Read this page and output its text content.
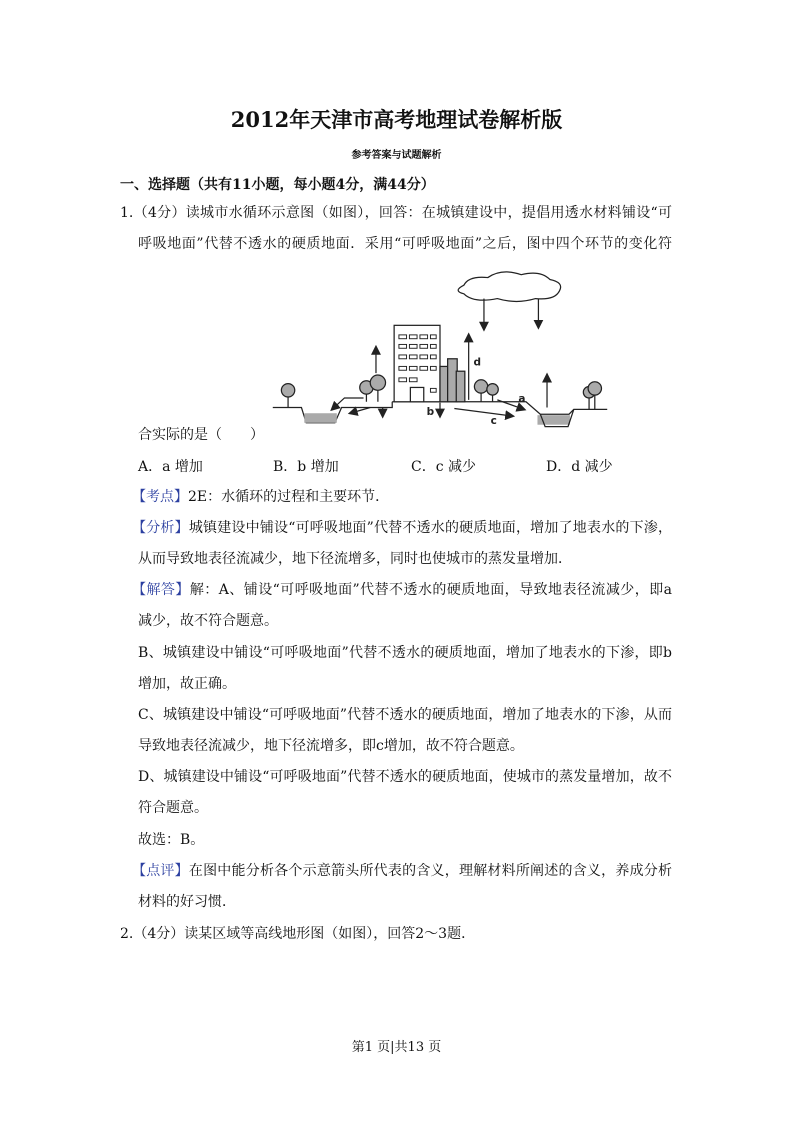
2012年天津市高考地理试卷解析版
参考答案与试题解析
一、选择题（共有11小题，每小题4分，满44分）
1.（4分）读城市水循环示意图（如图），回答：在城镇建设中，提倡用透水材料铺设“可
呼吸地面”代替不透水的硬质地面．采用“可呼吸地面”之后，图中四个环节的变化符
a
b
c
d
合实际的是（　　）
A．a 增加	B．b 增加	C．c 减少	D．d 减少
【考点】2E：水循环的过程和主要环节．
【分析】城镇建设中铺设“可呼吸地面”代替不透水的硬质地面，增加了地表水的下渗，
从而导致地表径流减少，地下径流增多，同时也使城市的蒸发量增加．
【解答】解：A、铺设“可呼吸地面”代替不透水的硬质地面，导致地表径流减少，即a
减少，故不符合题意。
B、城镇建设中铺设“可呼吸地面”代替不透水的硬质地面，增加了地表水的下渗，即b
增加，故正确。
C、城镇建设中铺设“可呼吸地面”代替不透水的硬质地面，增加了地表水的下渗，从而
导致地表径流减少，地下径流增多，即c增加，故不符合题意。
D、城镇建设中铺设“可呼吸地面”代替不透水的硬质地面，使城市的蒸发量增加，故不
符合题意。
故选：B。
【点评】在图中能分析各个示意箭头所代表的含义，理解材料所阐述的含义，养成分析
材料的好习惯．
2.（4分）读某区域等高线地形图（如图），回答2～3题．
第1 页|共13 页
